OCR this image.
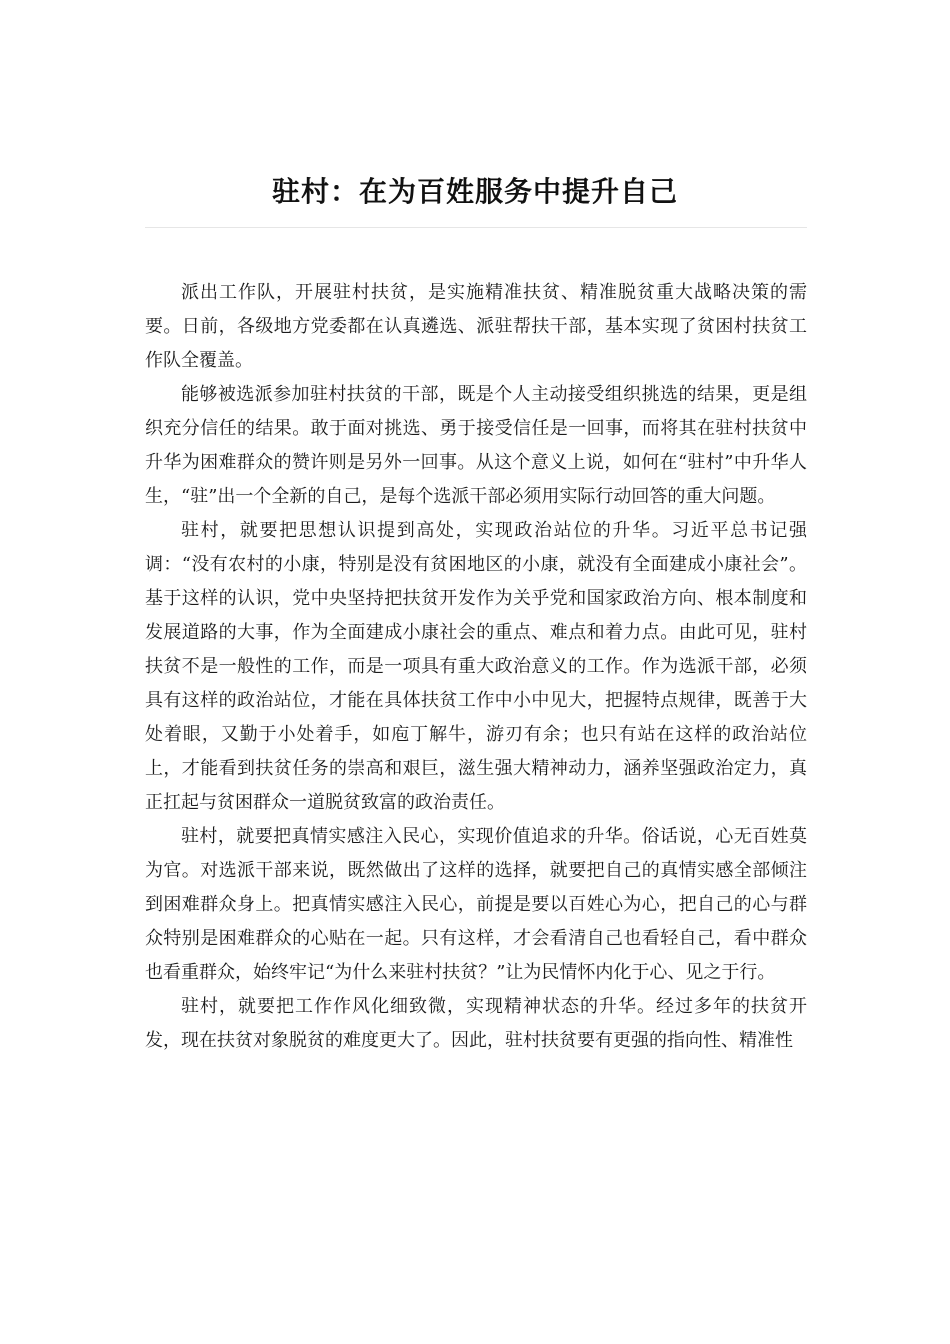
驻村：在为百姓服务中提升自己

派出工作队，开展驻村扶贫，是实施精准扶贫、精准脱贫重大战略决策的需要。日前，各级地方党委都在认真遴选、派驻帮扶干部，基本实现了贫困村扶贫工作队全覆盖。

能够被选派参加驻村扶贫的干部，既是个人主动接受组织挑选的结果，更是组织充分信任的结果。敢于面对挑选、勇于接受信任是一回事，而将其在驻村扶贫中升华为困难群众的赞许则是另外一回事。从这个意义上说，如何在“驻村”中升华人生，“驻”出一个全新的自己，是每个选派干部必须用实际行动回答的重大问题。

驻村，就要把思想认识提到高处，实现政治站位的升华。习近平总书记强调：“没有农村的小康，特别是没有贫困地区的小康，就没有全面建成小康社会”。基于这样的认识，党中央坚持把扶贫开发作为关乎党和国家政治方向、根本制度和发展道路的大事，作为全面建成小康社会的重点、难点和着力点。由此可见，驻村扶贫不是一般性的工作，而是一项具有重大政治意义的工作。作为选派干部，必须具有这样的政治站位，才能在具体扶贫工作中小中见大，把握特点规律，既善于大处着眼，又勤于小处着手，如庖丁解牛，游刃有余；也只有站在这样的政治站位上，才能看到扶贫任务的崇高和艰巨，滋生强大精神动力，涵养坚强政治定力，真正扛起与贫困群众一道脱贫致富的政治责任。

驻村，就要把真情实感注入民心，实现价值追求的升华。俗话说，心无百姓莫为官。对选派干部来说，既然做出了这样的选择，就要把自己的真情实感全部倾注到困难群众身上。把真情实感注入民心，前提是要以百姓心为心，把自己的心与群众特别是困难群众的心贴在一起。只有这样，才会看清自己也看轻自己，看中群众也看重群众，始终牢记“为什么来驻村扶贫？”让为民情怀内化于心、见之于行。

驻村，就要把工作作风化细致微，实现精神状态的升华。经过多年的扶贫开发，现在扶贫对象脱贫的难度更大了。因此，驻村扶贫要有更强的指向性、精准性
